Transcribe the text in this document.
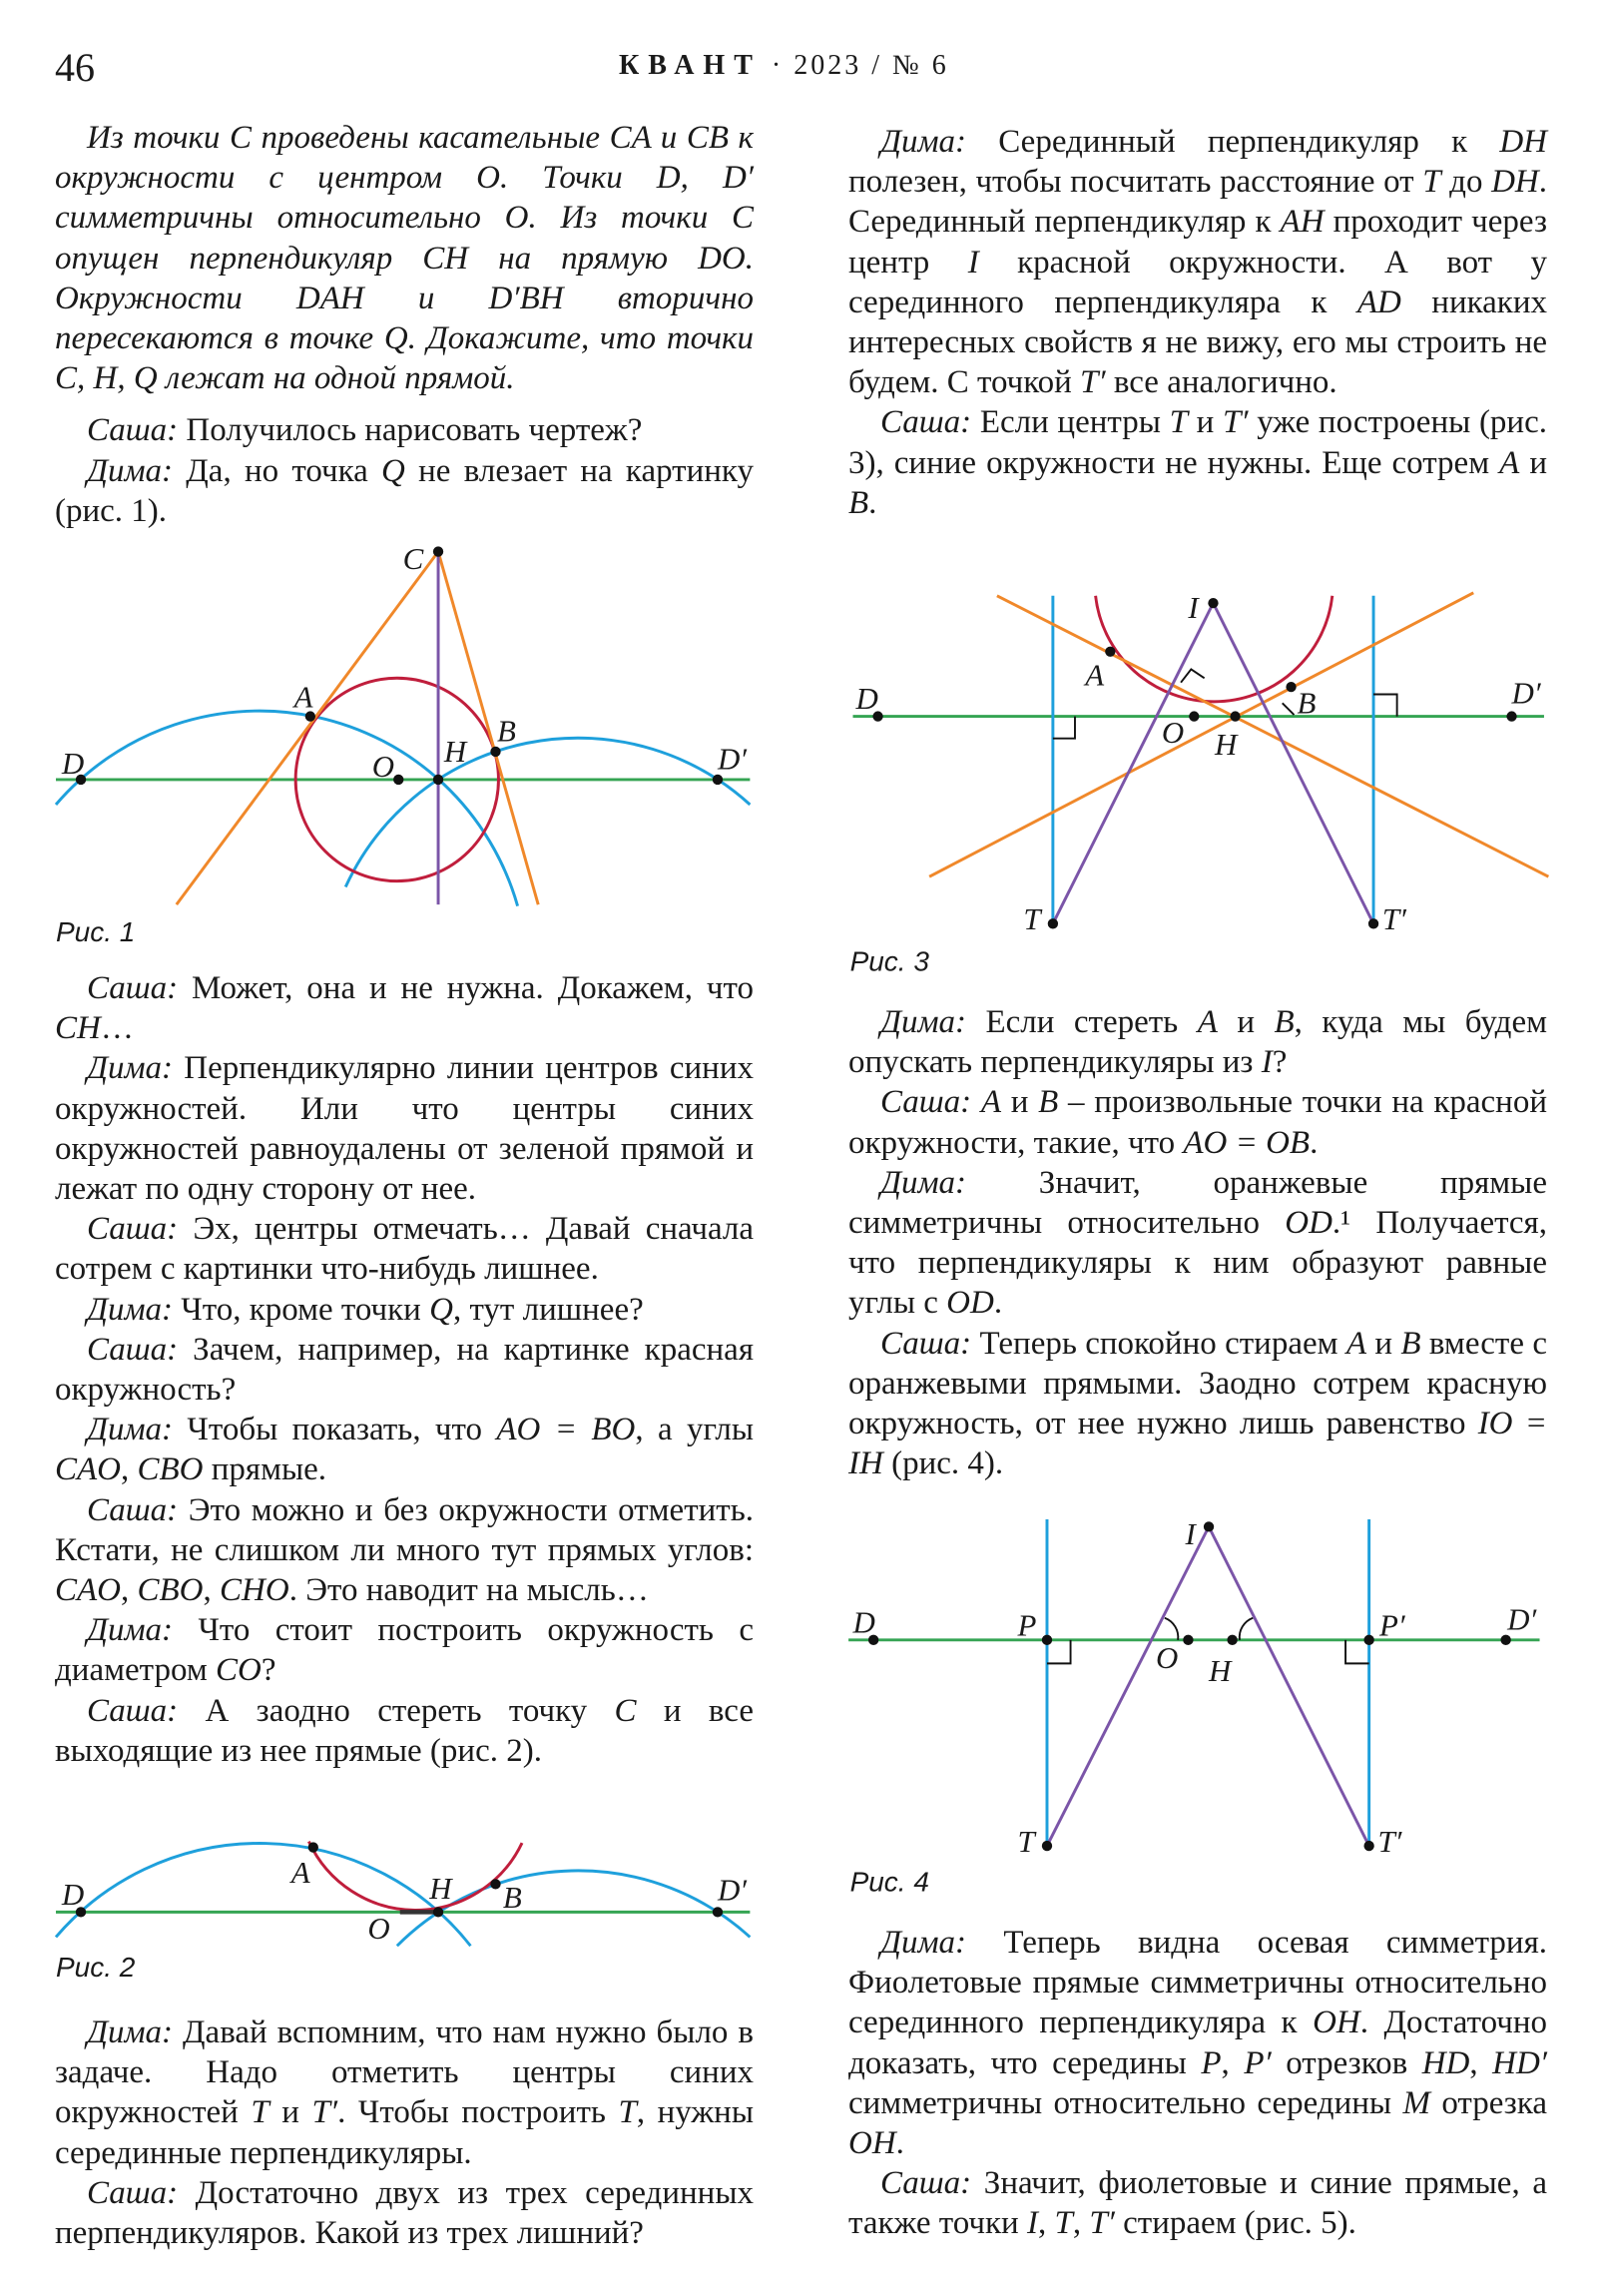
46	КВАНТ · 2023 / № 6

Из точки C проведены касательные CA и CB к окружности с центром O. Точки D, D′ симметричны относительно O. Из точки C опущен перпендикуляр CH на прямую DO. Окружности DAH и D′BH вторично пересекаются в точке Q. Докажите, что точки C, H, Q лежат на одной прямой.

Саша: Получилось нарисовать чертеж?

Дима: Да, но точка Q не влезает на картинку (рис. 1).

Саша: Может, она и не нужна. Докажем, что CH…

Дима: Перпендикулярно линии центров синих окружностей. Или что центры синих окружностей равноудалены от зеленой прямой и лежат по одну сторону от нее.

Саша: Эх, центры отмечать… Давай сначала сотрем с картинки что-нибудь лишнее.

Дима: Что, кроме точки Q, тут лишнее?

Саша: Зачем, например, на картинке красная окружность?

Дима: Чтобы показать, что AO = BO, а углы CAO, CBO прямые.

Саша: Это можно и без окружности отметить. Кстати, не слишком ли много тут прямых углов: CAO, CBO, CHO. Это наводит на мысль…

Дима: Что стоит построить окружность с диаметром CO?

Саша: А заодно стереть точку C и все выходящие из нее прямые (рис. 2).

Дима: Давай вспомним, что нам нужно было в задаче. Надо отметить центры синих окружностей T и T′. Чтобы построить T, нужны серединные перпендикуляры.

Саша: Достаточно двух из трех серединных перпендикуляров. Какой из трех лишний?

Дима: Серединный перпендикуляр к DH полезен, чтобы посчитать расстояние от T до DH. Серединный перпендикуляр к AH проходит через центр I красной окружности. А вот у серединного перпендикуляра к AD никаких интересных свойств я не вижу, его мы строить не будем. С точкой T′ все аналогично.

Саша: Если центры T и T′ уже построены (рис. 3), синие окружности не нужны. Еще сотрем A и B.

Дима: Если стереть A и B, куда мы будем опускать перпендикуляры из I?

Саша: A и B – произвольные точки на красной окружности, такие, что AO = OB.

Дима: Значит, оранжевые прямые симметричны относительно OD.¹ Получается, что перпендикуляры к ним образуют равные углы с OD.

Саша: Теперь спокойно стираем A и B вместе с оранжевыми прямыми. Заодно сотрем красную окружность, от нее нужно лишь равенство IO = IH (рис. 4).

Дима: Теперь видна осевая симметрия. Фиолетовые прямые симметричны относительно серединного перпендикуляра к OH. Достаточно доказать, что середины P, P′ отрезков HD, HD′ симметричны относительно середины M отрезка OH.

Саша: Значит, фиолетовые и синие прямые, а также точки I, T, T′ стираем (рис. 5).

C
A
B
O H
D	D′
Рис. 1
D
A	H B
O
D′
Рис. 2
I
A
D
O H
B	D′
T	T′
Рис. 3
D	P
I
O H
P′	D′
T	T′
Рис. 4
